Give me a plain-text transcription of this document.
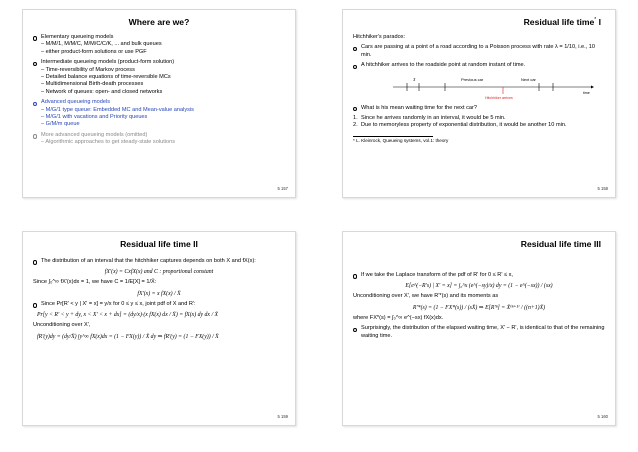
Where are we?
Elementary queueing models
– M/M/1, M/M/C, M/M/C/C/K, ... and bulk queues
– either product-form solutions or use PGF
Intermediate queueing models (product-form solution)
– Time-reversibility of Markov process
– Detailed balance equations of time-reversible MCs
– Multidimensional Birth-death processes
– Network of queues: open- and closed networks
Advanced queueing models
– M/G/1 type queue: Embedded MC and Mean-value analysis
– M/G/1 with vacations and Priority queues
– G/M/m queue
More advanced queueing models (omitted)
– Algorithmic approaches to get steady-state solutions
5 157
Residual life time* I
Hitchhiker's paradox:
Cars are passing at a point of a road according to a Poisson process with rate λ = 1/10, i.e., 10 min.
A hitchhiker arrives to the roadside point at random instant of time.
X	Previous car	Next car
Hitchhiker arrives
time
What is his mean waiting time for the next car?
1. Since he arrives randomly in an interval, it would be 5 min.
2. Due to memoryless property of exponential distribution, it would be another 10 min.
* L. Kleinrock, Queueing systems, vol.1: theory
5 158
Residual life time II
The distribution of an interval that the hitchhiker captures depends on both X and fX(x):
fX'(x) = CxfX(x) and C : proportional constant
Since ∫₀^∞ fX'(x)dx = 1, we have C = 1/E[X] = 1/X̄:
fX'(x) = x fX(x) / X̄
Since Pr[R' < y | X' = x] = y/x for 0 ≤ y ≤ x, joint pdf of X and R':
Pr[y < R' < y + dy, x < X' < x + dx] = (dy/x)·(x fX(x) dx / X̄) = fX(x) dy dx / X̄
Unconditioning over X',
fR'(y)dy = (dy/X̄) ∫y^∞ fX(x)dx = (1 − FX(y)) / X̄ dy ⇒ fR'(y) = (1 − FX(y)) / X̄
5 159
Residual life time III
If we take the Laplace transform of the pdf of R' for 0 ≤ R' ≤ x,
E[e^(−R's) | X' = x] = ∫₀^x (e^(−sy)/x) dy = (1 − e^(−sx)) / (sx)
Unconditioning over X', we have R'*(s) and its moments as
R'*(s) = (1 − FX*(s)) / (sX̄) ⇒ E[R'ⁿ] = X̄⁽ⁿ⁺¹⁾ / ((n+1)X̄)
where FX*(s) = ∫₀^∞ e^(−sx) fX(x)dx.
Surprisingly, the distribution of the elapsed waiting time, X' − R', is identical to that of the remaining waiting time.
5 160
